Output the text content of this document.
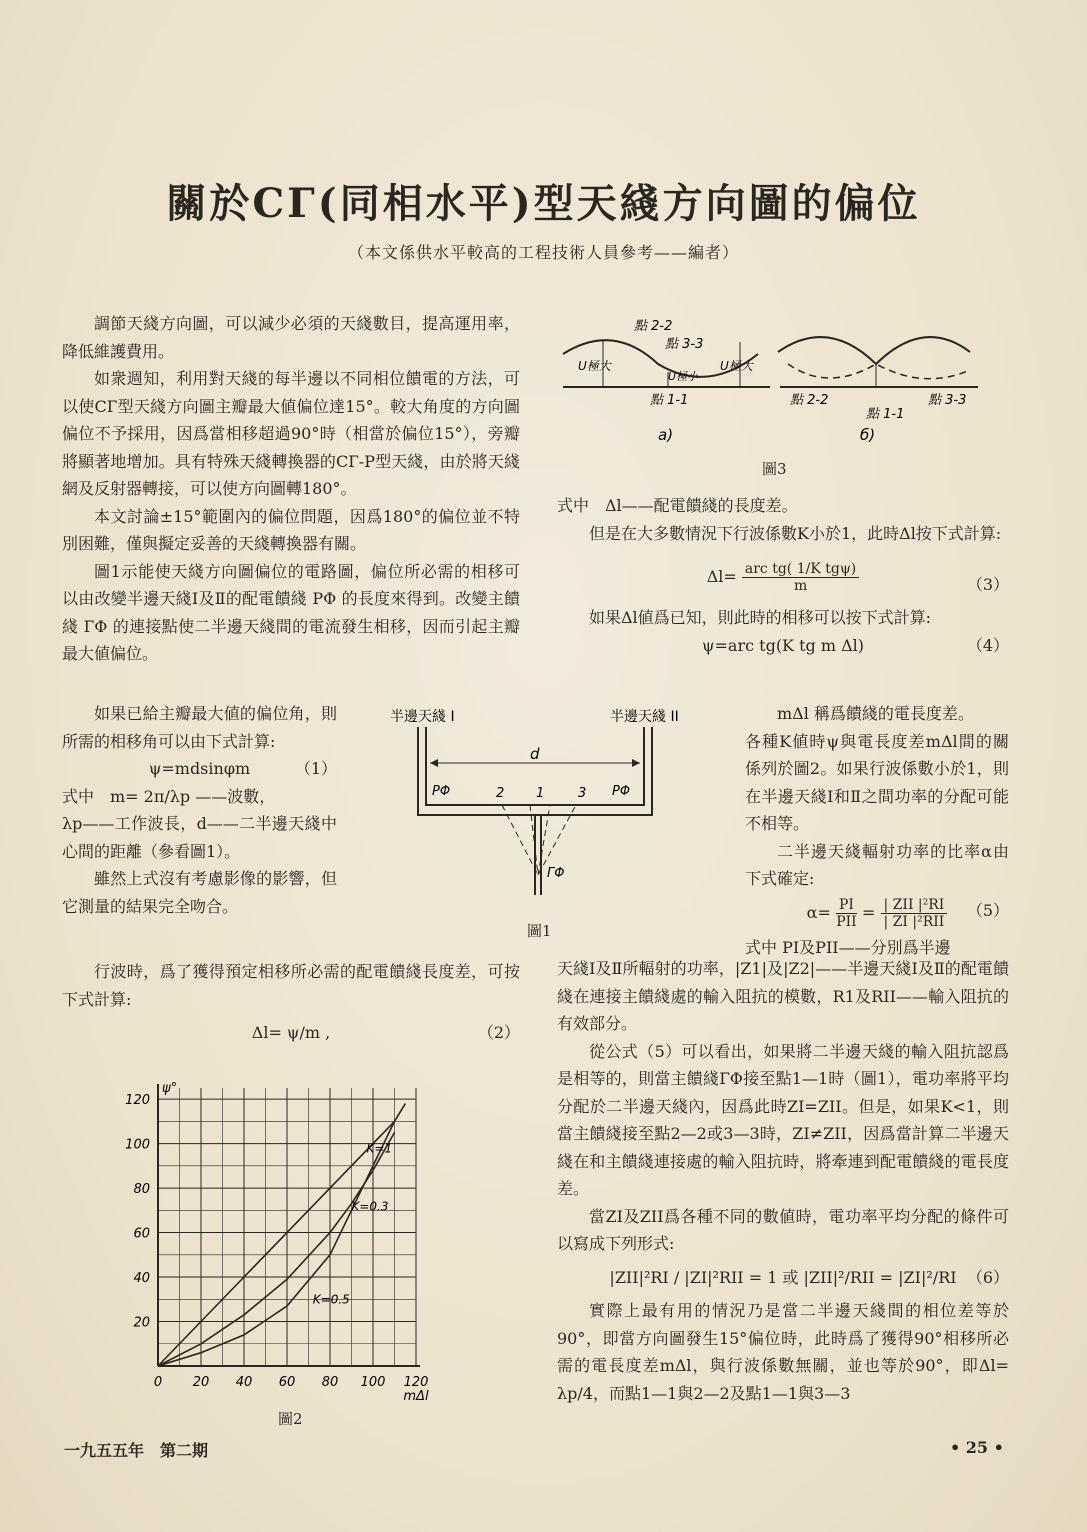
關於CГ(同相水平)型天綫方向圖的偏位
（本文係供水平較高的工程技術人員參考——編者）

調節天綫方向圖，可以減少必須的天綫數目，提高運用率，降低維護費用。

如衆週知，利用對天綫的每半邊以不同相位饋電的方法，可以使CГ型天綫方向圖主瓣最大値偏位達15°。較大角度的方向圖偏位不予採用，因爲當相移超過90°時（相當於偏位15°），旁瓣將顯著地增加。具有特殊天綫轉換器的CГ-P型天綫，由於將天綫網及反射器轉接，可以使方向圖轉180°。

本文討論±15°範圍內的偏位問題，因爲180°的偏位並不特別困難，僅與擬定妥善的天綫轉換器有關。

圖1示能使天綫方向圖偏位的電路圖，偏位所必需的相移可以由改變半邊天綫Ⅰ及Ⅱ的配電饋綫 PΦ 的長度來得到。改變主饋綫 ГΦ 的連接點使二半邊天綫間的電流發生相移，因而引起主瓣最大値偏位。

如果已給主瓣最大値的偏位角，則所需的相移角可以由下式計算:

ψ=mdsinφm	（1）

式中　m= 2π/λp ——波數，

λp——工作波長，d——二半邊天綫中心間的距離（參看圖1）。

雖然上式沒有考慮影像的影響，但它測量的結果完全吻合。

行波時，爲了獲得預定相移所必需的配電饋綫長度差，可按下式計算:

Δl= ψ/m ,	（2）

半邊天綫 I	半邊天綫 II
d
PΦ	PΦ
2 1	3
ГΦ
圖1
120
100
80
60
40
20
0 20 40 60 80 100 120
ψ°
mΔl
K=1
K=0.3
K=0.5
圖2
點 2-2
點 3-3
U極大
U極小
U極大
點 1-1
a)
點 2-2
點 1-1
點 3-3
б)
圖3

式中　Δl——配電饋綫的長度差。

但是在大多數情況下行波係數K小於1，此時Δl按下式計算:

$\Delta l= \frac{\text{arc tg( 1/K tgψ)}}{m}$	（3）

如果Δl値爲已知，則此時的相移可以按下式計算:

ψ=arc tg(K tg m Δl)	（4）

mΔl 稱爲饋綫的電長度差。

各種K値時ψ與電長度差mΔl間的關係列於圖2。如果行波係數小於1，則在半邊天綫Ⅰ和Ⅱ之間功率的分配可能不相等。

二半邊天綫輻射功率的比率α由下式確定:

$\alpha= \frac{PI}{\text{PII}} = \frac{\text{| ZII |²RI}}{\text{| ZI |²RII}} (5)$

式中 PI及PII——分別爲半邊

天綫Ⅰ及Ⅱ所輻射的功率，|Z1|及|Z2|——半邊天綫Ⅰ及Ⅱ的配電饋綫在連接主饋綫處的輸入阻抗的模數，R1及RII——輸入阻抗的有效部分。

從公式（5）可以看出，如果將二半邊天綫的輸入阻抗認爲是相等的，則當主饋綫ГΦ接至點1—1時（圖1），電功率將平均分配於二半邊天綫內，因爲此時ZI=ZII。但是，如果K<1，則當主饋綫接至點2—2或3—3時，ZI≠ZII，因爲當計算二半邊天綫在和主饋綫連接處的輸入阻抗時，將牽連到配電饋綫的電長度差。

當ZI及ZII爲各種不同的數値時，電功率平均分配的條件可以寫成下列形式:

|ZII|²RI / |ZI|²RII = 1 或 |ZII|²/RII = |ZI|²/RI （6）

實際上最有用的情況乃是當二半邊天綫間的相位差等於90°，即當方向圖發生15°偏位時，此時爲了獲得90°相移所必需的電長度差mΔl，與行波係數無關，並也等於90°，即Δl= λp/4，而點1—1與2—2及點1—1與3—3

一九五五年　第二期	• 25 •
